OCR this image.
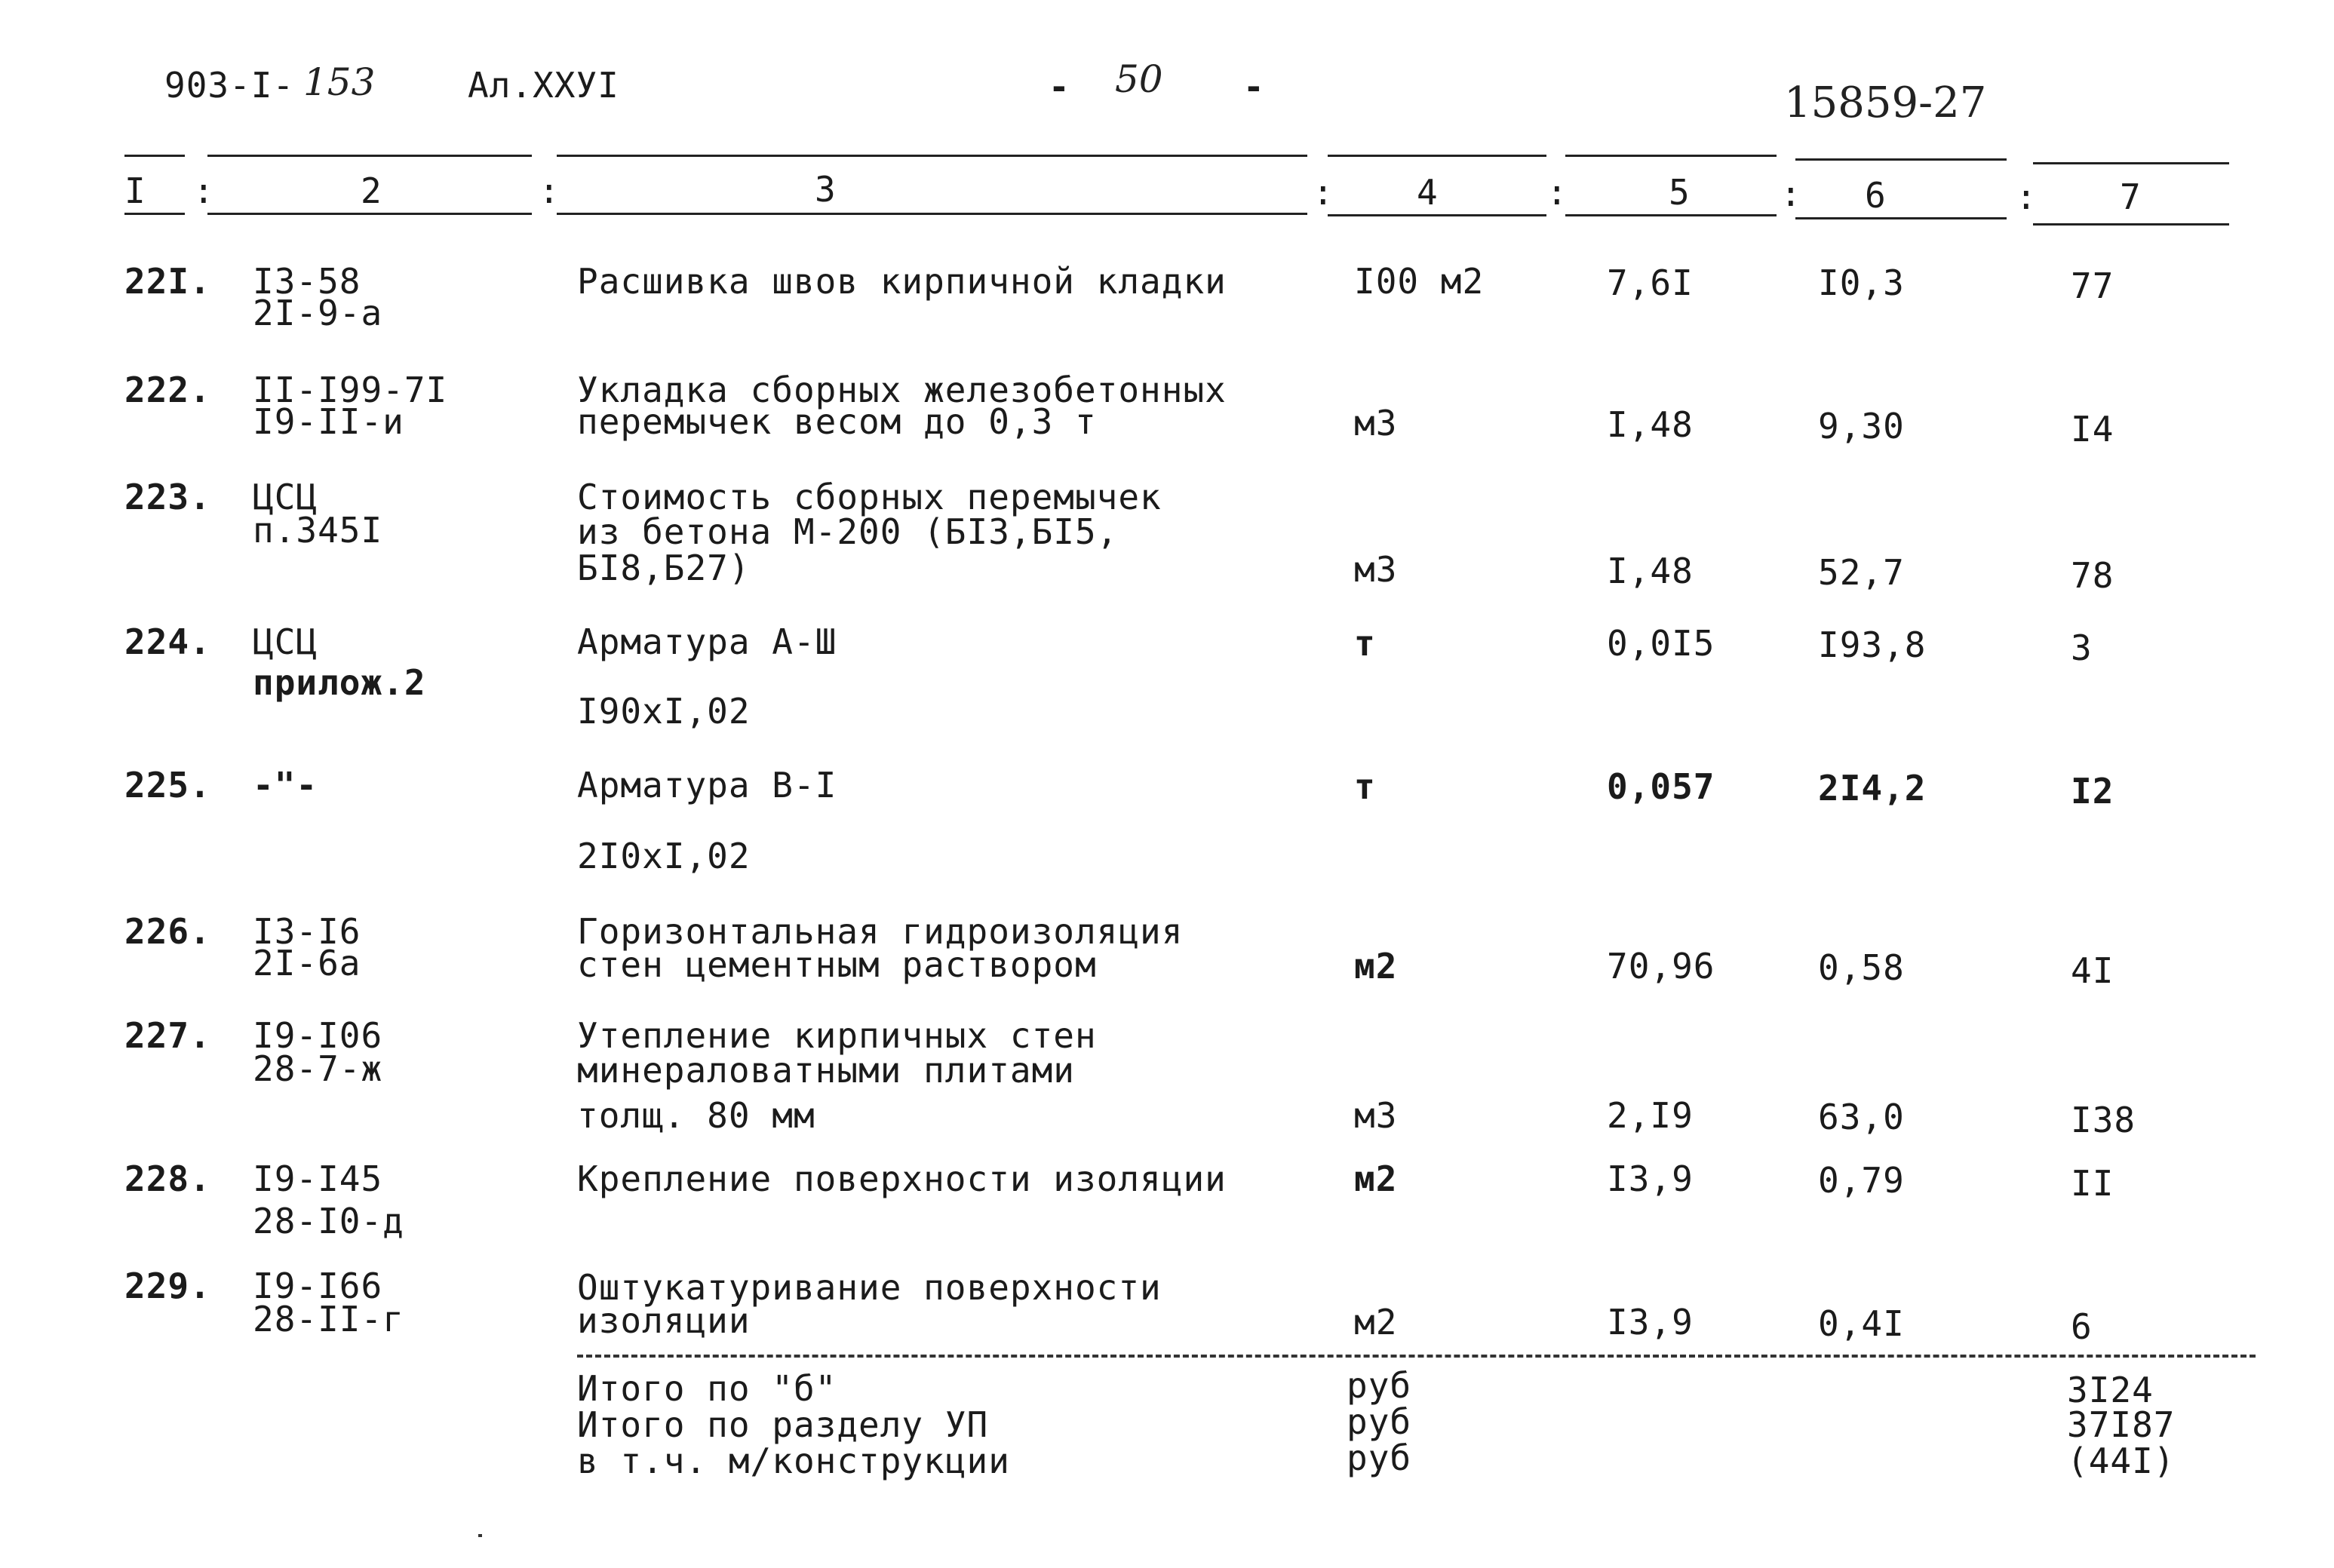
903-I- 153	Ал.XXУI	- 50 -	15859-27
I :	2	:	3	: 4	:	5	: 6	: 7
22I. I3-58
2I-9-а
Расшивка швов кирпичной кладки	I00 м2	7,6I	I0,3	77
222. II-I99-7I
I9-II-и
Укладка сборных железобетонных
перемычек весом до 0,3 т	м3	I,48	9,30	I4
223. ЦСЦ
п.345I
Стоимость сборных перемычек
из бетона М-200 (БI3,БI5,
БI8,Б27)	м3	I,48	52,7	78
224. ЦСЦ
прилож.2
Арматура А-Ш
I90хI,02
т	0,0I5	I93,8	3
225. -"-	Арматура В-I
2I0хI,02
т	0,057	2I4,2	I2
226. I3-I6
2I-6а
Горизонтальная гидроизоляция
стен цементным раствором	м2	70,96	0,58	4I
227. I9-I06
28-7-ж
Утепление кирпичных стен
минераловатными плитами
толщ. 80 мм	м3	2,I9	63,0	I38
228. I9-I45
28-I0-д
Крепление поверхности изоляции	м2	I3,9	0,79	II
229. I9-I66
28-II-г
Оштукатуривание поверхности
изоляции	м2	I3,9	0,4I	6
Итого по "б"	руб	3I24
Итого по разделу УП	руб	37I87
в т.ч. м/конструкции	руб	(44I)
